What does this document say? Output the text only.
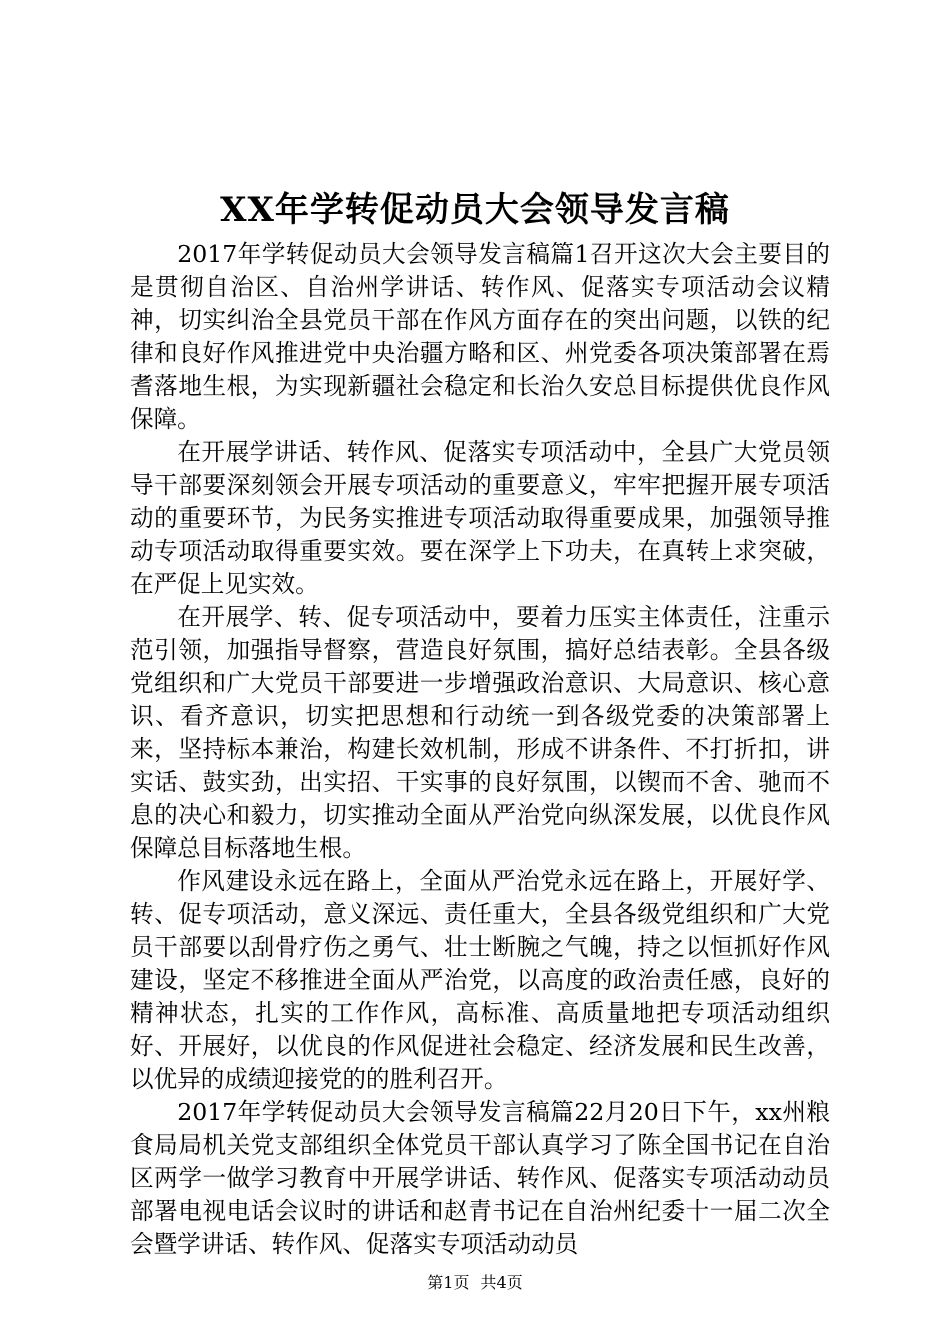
XX年学转促动员大会领导发言稿

2017年学转促动员大会领导发言稿篇1召开这次大会主要目的是贯彻自治区、自治州学讲话、转作风、促落实专项活动会议精神，切实纠治全县党员干部在作风方面存在的突出问题，以铁的纪律和良好作风推进党中央治疆方略和区、州党委各项决策部署在焉耆落地生根，为实现新疆社会稳定和长治久安总目标提供优良作风保障。

在开展学讲话、转作风、促落实专项活动中，全县广大党员领导干部要深刻领会开展专项活动的重要意义，牢牢把握开展专项活动的重要环节，为民务实推进专项活动取得重要成果，加强领导推动专项活动取得重要实效。要在深学上下功夫，在真转上求突破，在严促上见实效。

在开展学、转、促专项活动中，要着力压实主体责任，注重示范引领，加强指导督察，营造良好氛围，搞好总结表彰。全县各级党组织和广大党员干部要进一步增强政治意识、大局意识、核心意识、看齐意识，切实把思想和行动统一到各级党委的决策部署上来，坚持标本兼治，构建长效机制，形成不讲条件、不打折扣，讲实话、鼓实劲，出实招、干实事的良好氛围，以锲而不舍、驰而不息的决心和毅力，切实推动全面从严治党向纵深发展，以优良作风保障总目标落地生根。

作风建设永远在路上，全面从严治党永远在路上，开展好学、转、促专项活动，意义深远、责任重大，全县各级党组织和广大党员干部要以刮骨疗伤之勇气、壮士断腕之气魄，持之以恒抓好作风建设，坚定不移推进全面从严治党，以高度的政治责任感，良好的精神状态，扎实的工作作风，高标准、高质量地把专项活动组织好、开展好，以优良的作风促进社会稳定、经济发展和民生改善，以优异的成绩迎接党的的胜利召开。

2017年学转促动员大会领导发言稿篇22月20日下午，xx州粮食局局机关党支部组织全体党员干部认真学习了陈全国书记在自治区两学一做学习教育中开展学讲话、转作风、促落实专项活动动员部署电视电话会议时的讲话和赵青书记在自治州纪委十一届二次全会暨学讲话、转作风、促落实专项活动动员

第1页 共4页
